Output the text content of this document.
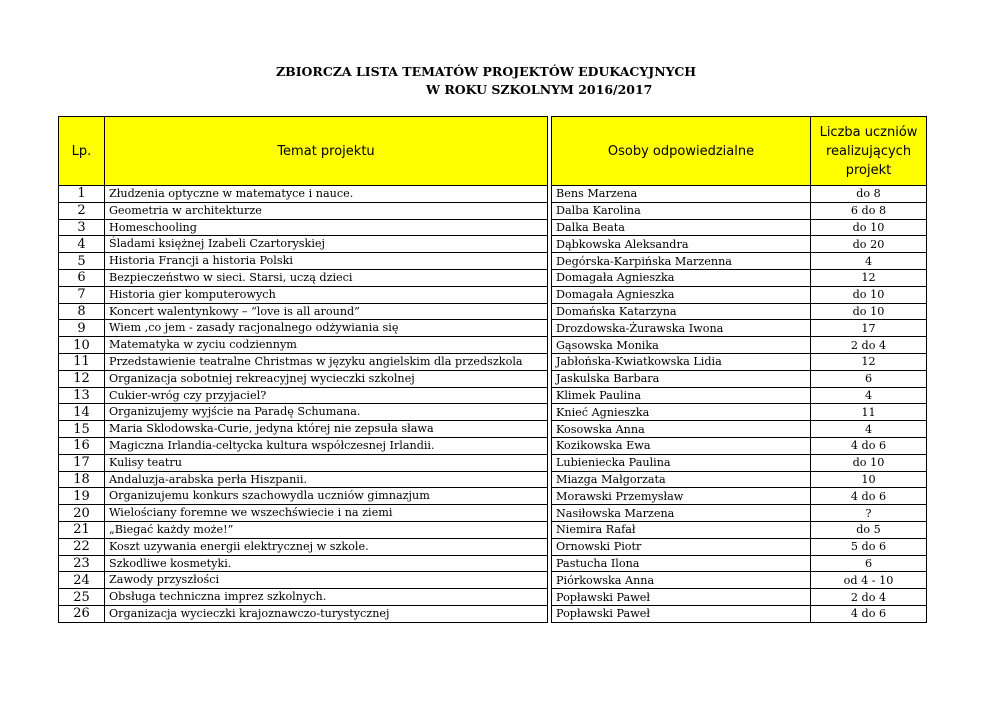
ZBIORCZA LISTA TEMATÓW PROJEKTÓW EDUKACYJNYCH
W ROKU SZKOLNYM 2016/2017
Lp.	Temat projektu		Osoby odpowiedzialne	Liczba uczniów
realizujących
projekt

1	Złudzenia optyczne w matematyce i nauce.		Bens Marzena	do 8
2	Geometria w architekturze		Dalba Karolina	6 do 8
3	Homeschooling		Dalka Beata	do 10
4	Śladami księżnej Izabeli Czartoryskiej		Dąbkowska Aleksandra	do 20
5	Historia Francji a historia Polski		Degórska-Karpińska Marzenna	4
6	Bezpieczeństwo w sieci. Starsi, uczą dzieci		Domagała Agnieszka	12
7	Historia gier komputerowych		Domagała Agnieszka	do 10
8	Koncert walentynkowy – “love is all around”		Domańska Katarzyna	do 10
9	Wiem ,co jem - zasady racjonalnego odżywiania się		Drozdowska-Żurawska Iwona	17
10	Matematyka w zyciu codziennym		Gąsowska Monika	2 do 4
11	Przedstawienie teatralne Christmas w języku angielskim dla przedszkola		Jabłońska-Kwiatkowska Lidia	12
12	Organizacja sobotniej rekreacyjnej wycieczki szkolnej		Jaskulska Barbara	6
13	Cukier-wróg czy przyjaciel?		Klimek Paulina	4
14	Organizujemy wyjście na Paradę Schumana.		Knieć Agnieszka	11
15	Maria Sklodowska-Curie, jedyna której nie zepsuła sława		Kosowska Anna	4
16	Magiczna Irlandia-celtycka kultura współczesnej Irlandii.		Kozikowska Ewa	4 do 6
17	Kulisy teatru		Lubieniecka Paulina	do 10
18	Andaluzja-arabska perła Hiszpanii.		Miazga Małgorzata	10
19	Organizujemu konkurs szachowydla uczniów gimnazjum		Morawski Przemysław	4 do 6
20	Wielościany foremne we wszechświecie i na ziemi		Nasiłowska Marzena	?
21	„Biegać każdy może!”		Niemira Rafał	do 5
22	Koszt uzywania energii elektrycznej w szkole.		Ornowski Piotr	5 do 6
23	Szkodliwe kosmetyki.		Pastucha Ilona	6
24	Zawody przyszłości		Piórkowska Anna	od 4 - 10
25	Obsługa techniczna imprez szkolnych.		Popławski Paweł	2 do 4
26	Organizacja wycieczki krajoznawczo-turystycznej		Popławski Paweł	4 do 6
